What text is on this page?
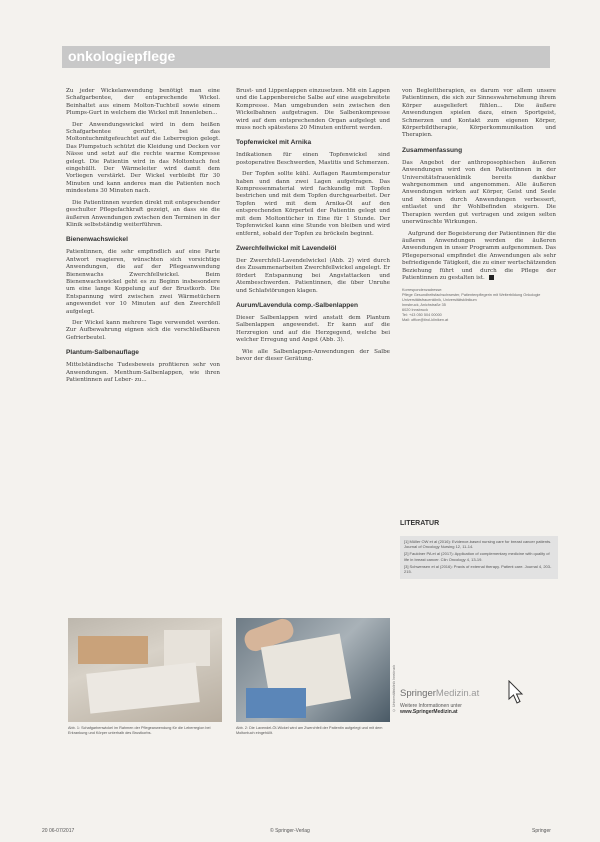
onkologiepflege

Zu jeder Wickelanwendung benötigt man eine Schafgarbentee, der entsprechende Wickel. Beinhaltet aus einem Molton-Tuchteil sowie einem Plumps-Gurt in welchem die Wickel mit Innenleben...

Der Anwendungswickel wird in dem heißen Schafgarbentee gerührt, bei das Moltontuchmitgefeuchtet auf die Leberregion gelegt. Das Plumpstuch schützt die Kleidung und Decken vor Nässe und setzt auf die rechte warme Kompresse gelegt. Die Patientin wird in das Moltontuch fest eingehüllt. Der Wärmeleiter wird damit dem Vorliegen verstärkt. Der Wickel verbleibt für 30 Minuten und kann anderes man die Patienten noch mindestens 30 Minuten nach.

Die Patientinnen wurden direkt mit entsprechender geschulter Pflegefachkraft gezeigt, an dass sie die äußeren Anwendungen zwischen den Terminen in der Klinik selbstständig weiterführen.

Bienenwachswickel

Patientinnen, die sehr empfindlich auf eine Parte Antwort reagieren, wünschten sich vorsichtige Anwendungen, die auf der Pflegeanwendung Bienenwachs Zwerchfellwickel. Beim Bienenwachswickel geht es zu Beginn insbesondere um eine lange Koppelung auf der Brustkorb. Die Entspannung wird zwischen zwei Wärmetüchern angewendet vor 10 Minuten auf den Zwerchfell aufgelegt.

Der Wickel kann mehrere Tage verwendet werden. Zur Aufbewahrung eignen sich die verschließbaren Gefrierbeutel.

Plantum-Salbenauflage

Mittelständische Tudesbeweis profitieren sehr von Anwendungen. Menthum-Salbenlappen, wie ihren Patientinnen auf Leber- zu...

Brust- und Lippenlappen einzusetzen. Mit ein Lappen und die Lappenbereiche Salbe auf eine ausgebreitete Kompresse. Man umgebunden sein zwischen den Wickelbahnen aufgetragen. Die Salbenkompresse wird auf dem entsprechenden Organ aufgelegt und muss noch spätestens 20 Minuten entfernt werden.

Topfenwickel mit Arnika

Indikationen für einen Topfenwickel sind postoperative Beschwerden, Mastitis und Schmerzen.

Der Topfen sollte kühl. Auflagen Raumtemperatur haben und dann zwei Lagen aufgetragen. Das Kompressenmaterial wird fachkundig mit Topfen bestrichen und mit dem Topfen durchgearbeitet. Der Topfen wird mit dem Arnika-Öl auf den entsprechenden Körperteil der Patientin gelegt und mit dem Moltontücher in Eine für 1 Stunde. Der Topfenwickel kann eine Stunde von bleiben und wird entfernt, sobald der Topfen zu bröckeln beginnt.

Zwerchfellwickel mit Lavendelöl

Der Zwerchfell-Lavendelwickel (Abb. 2) wird durch des Zusammenarbeiten Zwerchfellwickel angelegt. Er fördert Entspannung bei Angstattacken und Atembeschwerden. Patientinnen, die über Unruhe und Schlafstörungen klagen.

Aurum/Lavendula comp.-Salbenlappen

Dieser Salbenlappen wird anstatt dem Plantum Salbenlappen angewendet. Er kann auf die Herzregion und auf die Herzgegend, welche bei welcher Erregung und Angst (Abb. 3).

Wie alle Salbenlappen-Anwendungen der Salbe bevor der dieser Gerätung.

von Begleittherapien, es darum vor allem unsere Patientinnen, die sich zur Sinneswahrnehmung ihrem Körper ausgeliefert fühlen... Die äußere Anwendungen spielen dazu, einen Sportgeist, Schmerzen und Kontakt zum eigenen Körper, Körperbildtherapie, Körperkommunikation und Therapien.

Zusammenfassung

Das Angebot der anthroposophischen äußeren Anwendungen wird von den Patientinnen in der Universitätsfrauenklinik bereits dankbar wahrgenommen und angenommen. Alle äußeren Anwendungen wirken auf Körper, Geist und Seele und können durch Anwendungen verbessert, entlastet und ihr Wohlbefinden steigern. Die Therapien werden gut vertragen und zeigen selten unerwünschte Wirkungen.

Aufgrund der Begeisterung der Patientinnen für die äußeren Anwendungen werden die äußeren Anwendungen in unser Programm aufgenommen. Das Pflegepersonal empfindet die Anwendungen als sehr befriedigende Tätigkeit, die zu einer wertschätzenden Beziehung führt und durch die Pflege der Patientinnen zu gestalten ist.

Korrespondenzadresse:
Pflege Gesundheitsfachschwester, Patientenpflegerin mit Weiterbildung Onkologie
Universitätsfrauenklinik, Universitätsklinikum
Innsbruck, Anichstraße 35
6020 Innsbruck
Tel: +43 050 504 00000
Mail: office@tirol-kliniken.at
LITERATUR
[1] Müller OW et al (2016): Evidence-based nursing care for breast cancer patients. Journal of Oncology Nursing 12, 11-14.
[2] Fauldner PA et al (2017): Application of complementary medicine with quality of life in breast cancer. Clin Oncology 4, 13-19.
[3] Schwensen et al (2016): Praxis of external therapy. Patient care. Journal 4, 203-215.
© Universitätsklinik Innsbruck
Abb. 1: Schafgarbenwickel im Rahmen der Pflegeanwendung für die Leberregion bei Erkrankung und Körper unterhalb des Brustkorbs.
Abb. 2: Die Lavendel-Öl-Wickel wird am Zwerchfell der Patientin aufgelegt und mit dem Moltontuch eingehüllt.
SpringerMedizin.at
Weitere Informationen unter
www.SpringerMedizin.at
20 06-07/2017	© Springer-Verlag	Springer
